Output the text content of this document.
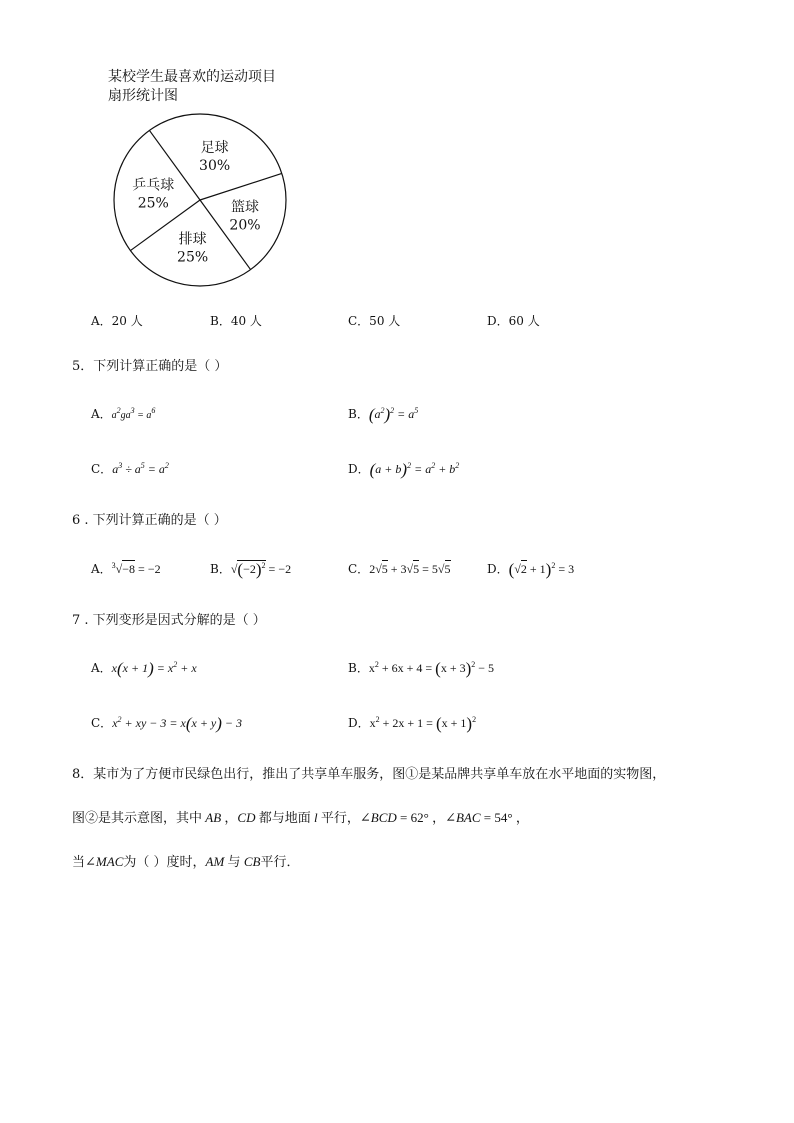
某校学生最喜欢的运动项目
扇形统计图
足球
30%
篮球
20%
排球
25%
乒乓球
25%
A．20 人	B．40 人	C．50 人	D．60 人
5．下列计算正确的是（ ）
A．$a^2ga^3 = a^6$	B．$(a^2)^2 = a^5$
C．$a^3 \div a^5 = a^2$	D．$(a + b)^2 = a^2 + b^2$
6 . 下列计算正确的是（ ）
A．$^3$√−8 = −2	B．$√(-2)^2 = -2$	C．2√5 + 3√5 = 5√5	D．$(√2 + 1)^2 = 3$
7 . 下列变形是因式分解的是（ ）
A．$x(x + 1) = x^2 + x$	B．$x^2 + 6x + 4 = (x + 3)^2 - 5$
C．$x^2$ + xy − 3 = x(x + y) − 3	D．$x^2 + 2x + 1 = (x + 1)^2$
8．某市为了方便市民绿色出行，推出了共享单车服务，图①是某品牌共享单车放在水平地面的实物图，
图②是其示意图，其中 AB ，CD 都与地面 l 平行，∠BCD = 62° ，∠BAC = 54° ，
当∠MAC为（ ）度时，AM 与 CB平行．
